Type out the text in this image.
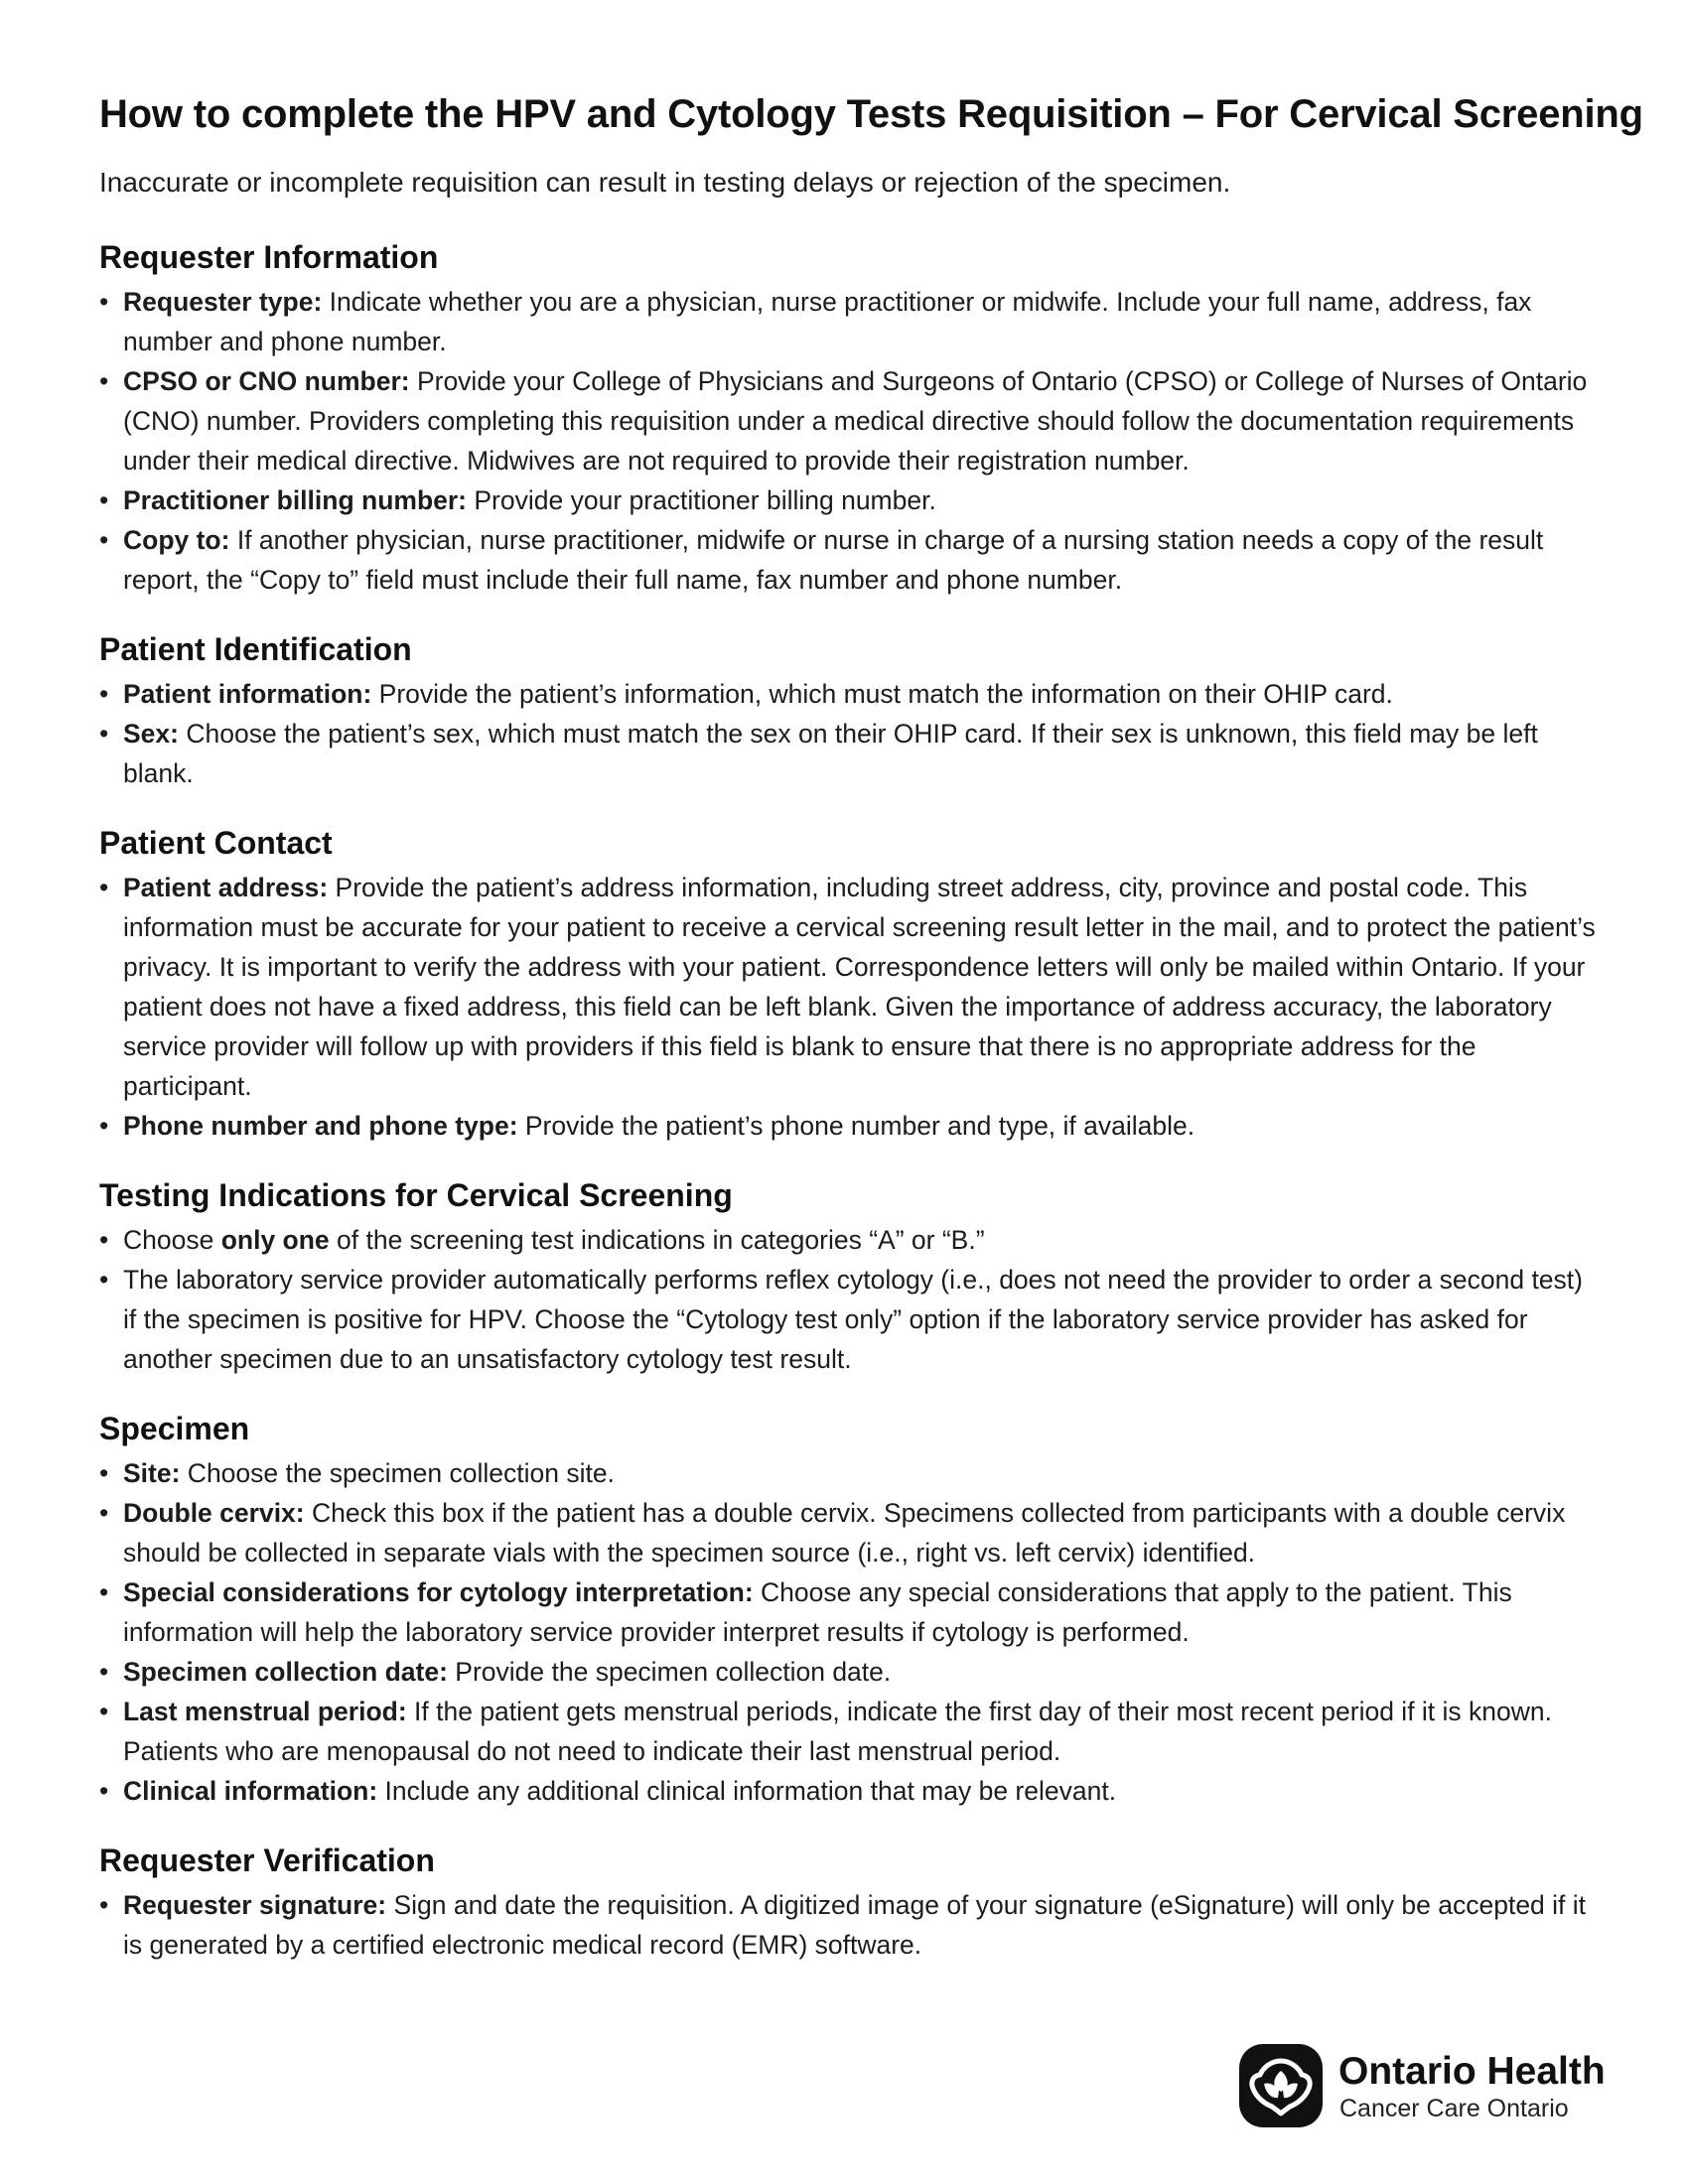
How to complete the HPV and Cytology Tests Requisition – For Cervical Screening

Inaccurate or incomplete requisition can result in testing delays or rejection of the specimen.

Requester Information
• Requester type: Indicate whether you are a physician, nurse practitioner or midwife. Include your full name, address, fax number and phone number.
• CPSO or CNO number: Provide your College of Physicians and Surgeons of Ontario (CPSO) or College of Nurses of Ontario (CNO) number. Providers completing this requisition under a medical directive should follow the documentation requirements under their medical directive. Midwives are not required to provide their registration number.
• Practitioner billing number: Provide your practitioner billing number.
• Copy to: If another physician, nurse practitioner, midwife or nurse in charge of a nursing station needs a copy of the result report, the “Copy to” field must include their full name, fax number and phone number.
Patient Identification
• Patient information: Provide the patient’s information, which must match the information on their OHIP card.
• Sex: Choose the patient’s sex, which must match the sex on their OHIP card. If their sex is unknown, this field may be left blank.
Patient Contact
• Patient address: Provide the patient’s address information, including street address, city, province and postal code. This information must be accurate for your patient to receive a cervical screening result letter in the mail, and to protect the patient’s privacy. It is important to verify the address with your patient. Correspondence letters will only be mailed within Ontario. If your patient does not have a fixed address, this field can be left blank. Given the importance of address accuracy, the laboratory service provider will follow up with providers if this field is blank to ensure that there is no appropriate address for the participant.
• Phone number and phone type: Provide the patient’s phone number and type, if available.
Testing Indications for Cervical Screening
• Choose only one of the screening test indications in categories “A” or “B.”
• The laboratory service provider automatically performs reflex cytology (i.e., does not need the provider to order a second test) if the specimen is positive for HPV. Choose the “Cytology test only” option if the laboratory service provider has asked for another specimen due to an unsatisfactory cytology test result.
Specimen
• Site: Choose the specimen collection site.
• Double cervix: Check this box if the patient has a double cervix. Specimens collected from participants with a double cervix should be collected in separate vials with the specimen source (i.e., right vs. left cervix) identified.
• Special considerations for cytology interpretation: Choose any special considerations that apply to the patient. This information will help the laboratory service provider interpret results if cytology is performed.
• Specimen collection date: Provide the specimen collection date.
• Last menstrual period: If the patient gets menstrual periods, indicate the first day of their most recent period if it is known. Patients who are menopausal do not need to indicate their last menstrual period.
• Clinical information: Include any additional clinical information that may be relevant.
Requester Verification
• Requester signature: Sign and date the requisition. A digitized image of your signature (eSignature) will only be accepted if it is generated by a certified electronic medical record (EMR) software.
Ontario Health
Cancer Care Ontario
